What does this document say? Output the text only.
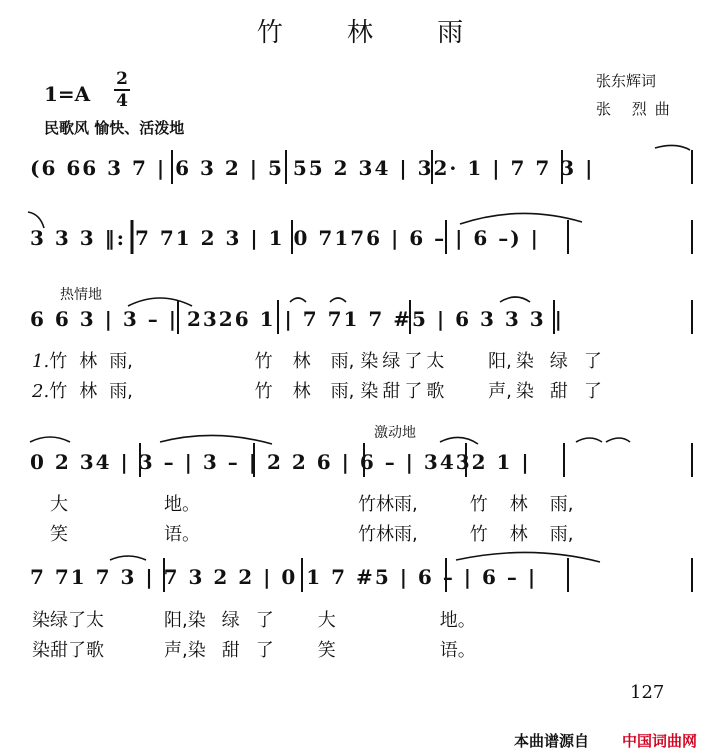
竹 林 雨
1=A
2
4
民歌风 愉快、活泼地
张东辉词
张 烈曲
热情地
激动地
(6 66 3 7 | 6 3 2 | 5 55 2 34 | 32· 1 | 7 7 3 |
3 3 3 ‖: 7 71 2 3 | 1 0 7176 | 6 – | 6 –) |
6 6 3 | 3 – | 2326 1 | 7 71 7 #5 | 6 3 3 3 |
0 2 34 | 3 – | 3 – | 2 2 6 | 6 – | 3432 1 |
7 71 7 3 | 7 3 2 2 | 0 1 7 #5 | 6 – | 6 – |
1.竹 林 雨,	竹 林 雨, 染 绿 了 太 阳, 染 绿 了
2.竹 林 雨,	竹 林 雨, 染 甜 了 歌 声, 染 甜 了
大	地。	竹林雨,	竹 林 雨,
笑	语。	竹林雨,	竹 林 雨,
染绿了太	阳,染 绿 了 大	地。
染甜了歌	声,染 甜 了 笑	语。
127
本曲谱源自 中国词曲网
